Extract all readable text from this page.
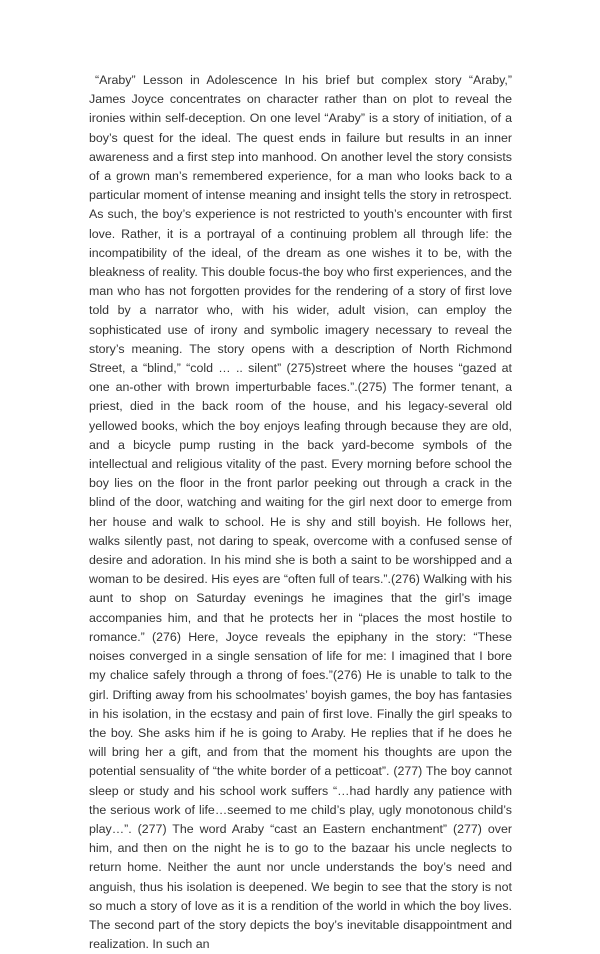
“Araby” Lesson in Adolescence In his brief but complex story “Araby,” James Joyce concentrates on character rather than on plot to reveal the ironies within self-deception. On one level “Araby” is a story of initiation, of a boy’s quest for the ideal. The quest ends in failure but results in an inner awareness and a first step into manhood. On another level the story consists of a grown man’s remembered experience, for a man who looks back to a particular moment of intense meaning and insight tells the story in retrospect. As such, the boy’s experience is not restricted to youth’s encounter with first love. Rather, it is a portrayal of a continuing problem all through life: the incompatibility of the ideal, of the dream as one wishes it to be, with the bleakness of reality. This double focus-the boy who first experiences, and the man who has not forgotten provides for the rendering of a story of first love told by a narrator who, with his wider, adult vision, can employ the sophisticated use of irony and symbolic imagery necessary to reveal the story’s meaning. The story opens with a description of North Richmond Street, a “blind,” “cold … .. silent” (275)street where the houses “gazed at one an-other with brown imperturbable faces.”.(275) The former tenant, a priest, died in the back room of the house, and his legacy-several old yellowed books, which the boy enjoys leafing through because they are old, and a bicycle pump rusting in the back yard-become symbols of the intellectual and religious vitality of the past. Every morning before school the boy lies on the floor in the front parlor peeking out through a crack in the blind of the door, watching and waiting for the girl next door to emerge from her house and walk to school. He is shy and still boyish. He follows her, walks silently past, not daring to speak, overcome with a confused sense of desire and adoration. In his mind she is both a saint to be worshipped and a woman to be desired. His eyes are “often full of tears.”.(276) Walking with his aunt to shop on Saturday evenings he imagines that the girl’s image accompanies him, and that he protects her in “places the most hostile to romance.” (276) Here, Joyce reveals the epiphany in the story: “These noises converged in a single sensation of life for me: I imagined that I bore my chalice safely through a throng of foes.”(276) He is unable to talk to the girl. Drifting away from his schoolmates’ boyish games, the boy has fantasies in his isolation, in the ecstasy and pain of first love. Finally the girl speaks to the boy. She asks him if he is going to Araby. He replies that if he does he will bring her a gift, and from that the moment his thoughts are upon the potential sensuality of “the white border of a petticoat”. (277) The boy cannot sleep or study and his school work suffers “…had hardly any patience with the serious work of life…seemed to me child’s play, ugly monotonous child’s play…”. (277) The word Araby “cast an Eastern enchantment” (277) over him, and then on the night he is to go to the bazaar his uncle neglects to return home. Neither the aunt nor uncle understands the boy’s need and anguish, thus his isolation is deepened. We begin to see that the story is not so much a story of love as it is a rendition of the world in which the boy lives. The second part of the story depicts the boy’s inevitable disappointment and realization. In such an
